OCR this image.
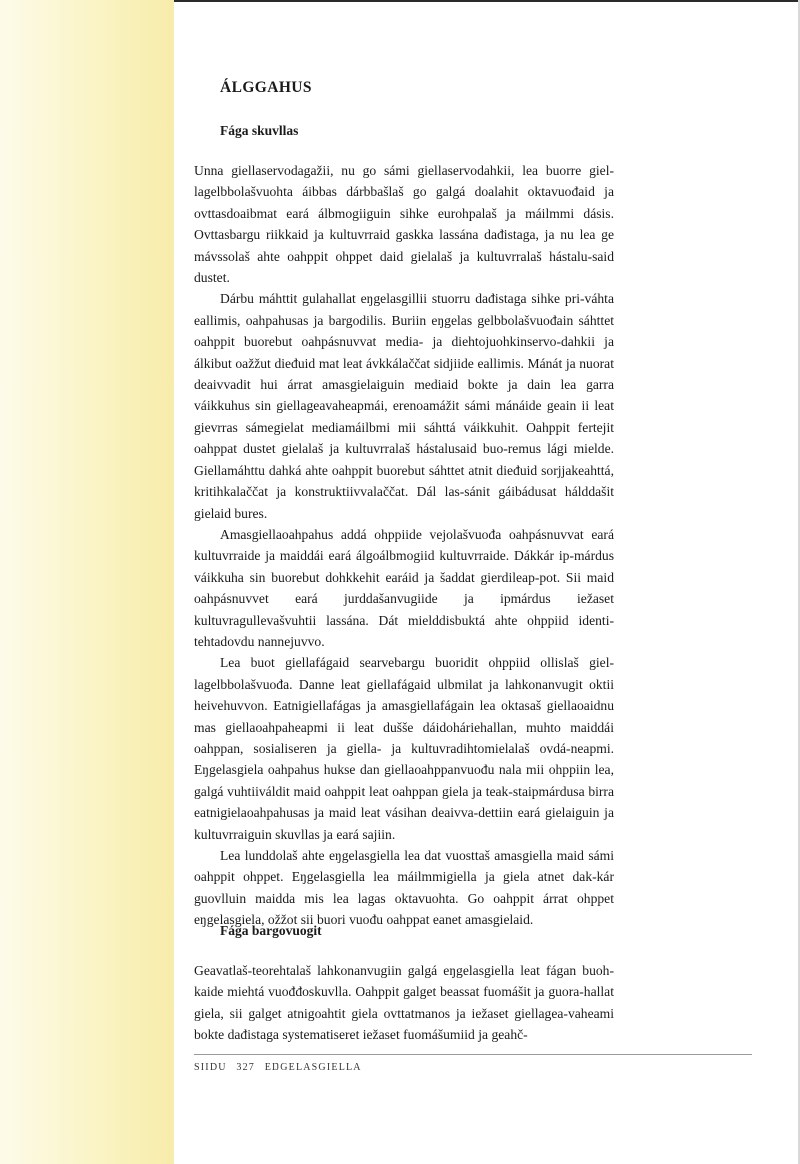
ÁLGGAHUS
Fága skuvllas

Unna giellaservodagažii, nu go sámi giellaservodahkii, lea buorre giel-lagelbbolašvuohta áibbas dárbbašlaš go galgá doalahit oktavuođaid ja ovttasdoaibmat eará álbmogiiguin sihke eurohpalaš ja máilmmi dásis. Ovttasbargu riikkaid ja kultuvrraid gaskka lassána dađistaga, ja nu lea ge mávssolaš ahte oahppit ohppet daid gielalaš ja kultuvrralaš hástalu-said dustet.

Dárbu máhttit gulahallat eŋgelasgillii stuorru dađistaga sihke pri-váhta eallimis, oahpahusas ja bargodilis. Buriin eŋgelas gelbbolašvuođain sáhttet oahppit buorebut oahpásnuvvat media- ja diehtojuohkinservo-dahkii ja álkibut oažžut dieđuid mat leat ávkkálaččat sidjiide eallimis. Mánát ja nuorat deaivvadit hui árrat amasgielaiguin mediaid bokte ja dain lea garra váikkuhus sin giellageavaheapmái, erenoamážit sámi mánáide geain ii leat gievrras sámegielat mediamáilbmi mii sáhttá váikkuhit. Oahppit fertejit oahppat dustet gielalaš ja kultuvrralaš hástalusaid buo-remus lági mielde. Giellamáhttu dahká ahte oahppit buorebut sáhttet atnit dieđuid sorjjakeahttá, kritihkalaččat ja konstruktiivvalaččat. Dál las-sánit gáibádusat hálddašit gielaid bures.

Amasgiellaoahpahus addá ohppiide vejolašvuođa oahpásnuvvat eará kultuvrraide ja maiddái eará álgoálbmogiid kultuvrraide. Dákkár ip-márdus váikkuha sin buorebut dohkkehit earáid ja šaddat gierdileap-pot. Sii maid oahpásnuvvet eará jurddašanvugiide ja ipmárdus iežaset kultuvragullevašvuhtii lassána. Dát mielddisbuktá ahte ohppiid identi-tehtadovdu nannejuvvo.

Lea buot giellafágaid searvebargu buoridit ohppiid ollislaš giel-lagelbbolašvuođa. Danne leat giellafágaid ulbmilat ja lahkonanvugit oktii heivehuvvon. Eatnigiellafágas ja amasgiellafágain lea oktasaš giellaoaidnu mas giellaoahpaheapmi ii leat dušše dáidoháriehallan, muhto maiddái oahppan, sosialiseren ja giella- ja kultuvradihtomielalaš ovdá-neapmi. Eŋgelasgiela oahpahus hukse dan giellaoahppanvuođu nala mii ohppiin lea, galgá vuhtiiváldit maid oahppit leat oahppan giela ja teak-staipmárdusa birra eatnigielaoahpahusas ja maid leat vásihan deaivva-dettiin eará gielaiguin ja kultuvrraiguin skuvllas ja eará sajiin.

Lea lunddolaš ahte eŋgelasgiella lea dat vuosttaš amasgiella maid sámi oahppit ohppet. Eŋgelasgiella lea máilmmigiella ja giela atnet dak-kár guovlluin maidda mis lea lagas oktavuohta. Go oahppit árrat ohppet eŋgelasgiela, ožžot sii buori vuođu oahppat eanet amasgielaid.

Fága bargovuogit

Geavatlaš-teorehtalaš lahkonanvugiin galgá eŋgelasgiella leat fágan buoh-kaide miehtá vuođđoskuvlla. Oahppit galget beassat fuomášit ja guora-hallat giela, sii galget atnigoahtit giela ovttatmanos ja iežaset giellagea-vaheami bokte dađistaga systematiseret iežaset fuomášumiid ja geahč-

SIIDU 327 EŊGELASGIELLA
